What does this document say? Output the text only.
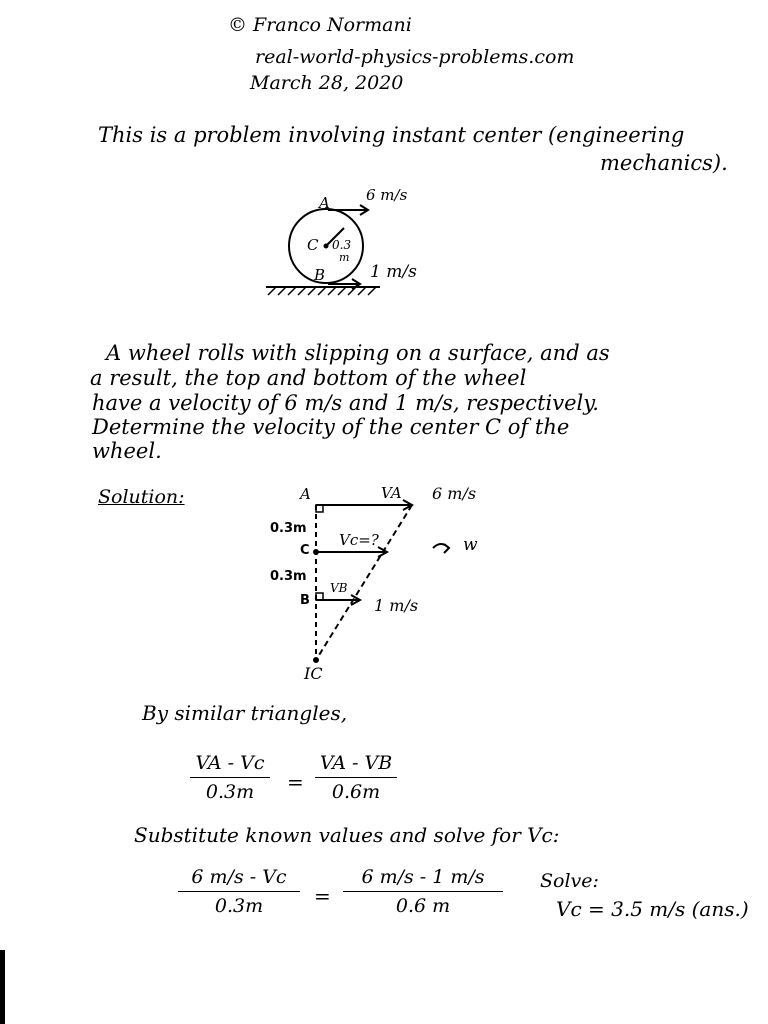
© Franco Normani
real-world-physics-problems.com
March 28, 2020
This is a problem involving instant center (engineering
mechanics).
A
B
C 0.3
m
6 m/s
1 m/s
A wheel rolls with slipping on a surface, and as
a result, the top and bottom of the wheel
have a velocity of 6 m/s and 1 m/s, respectively.
Determine the velocity of the center C of the
wheel.
Solution:	A
C
B
IC
0.3m
0.3m
VA
Vc=?
VB
6 m/s
1 m/s
w
By similar triangles,
VA - Vc
0.3m	=
VA - VB
0.6m
Substitute known values and solve for Vc:
6 m/s - Vc
0.3m	=
6 m/s - 1 m/s
0.6 m
Solve:
Vc = 3.5 m/s (ans.)
